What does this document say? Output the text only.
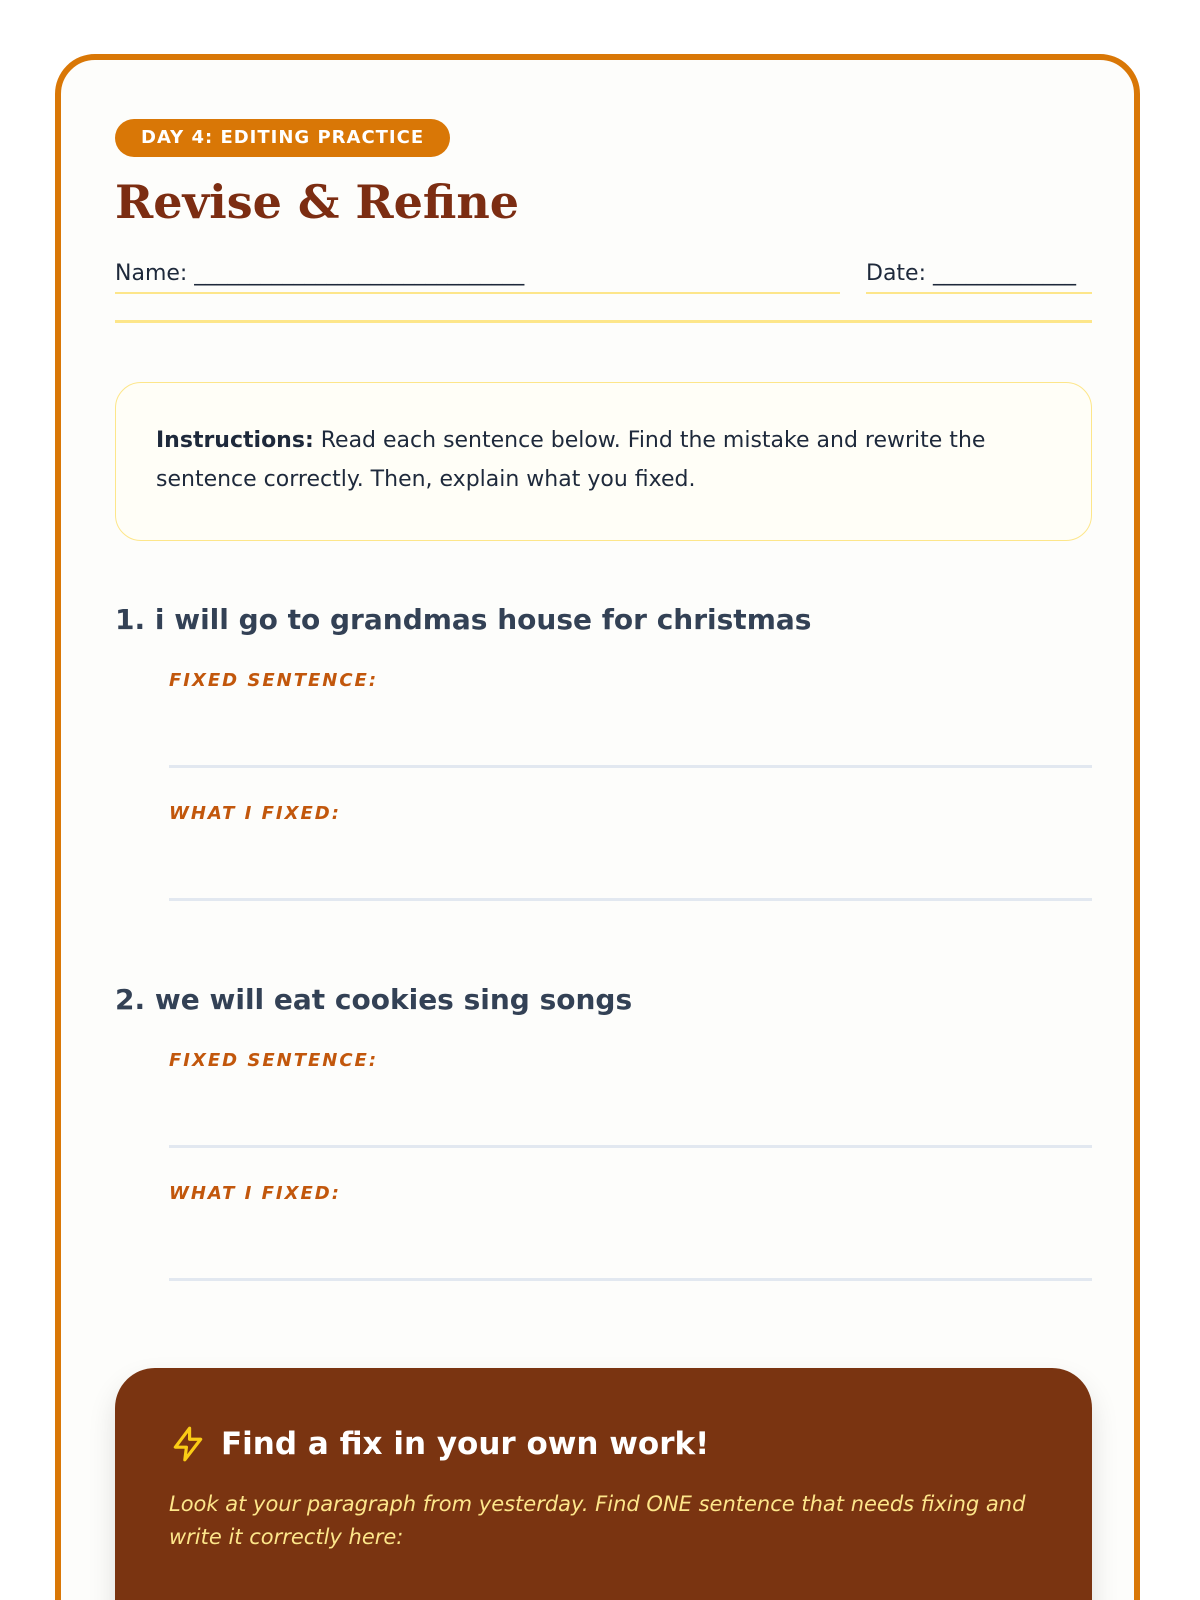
DAY 4: EDITING PRACTICE
Revise & Refine
Name: ______________________________	Date: _____________
Instructions: Read each sentence below. Find the mistake and rewrite the sentence correctly. Then, explain what you fixed.
1. i will go to grandmas house for christmas
FIXED SENTENCE:
WHAT I FIXED:
2. we will eat cookies sing songs
FIXED SENTENCE:
WHAT I FIXED:
Find a fix in your own work!

Look at your paragraph from yesterday. Find ONE sentence that needs fixing and write it correctly here:
